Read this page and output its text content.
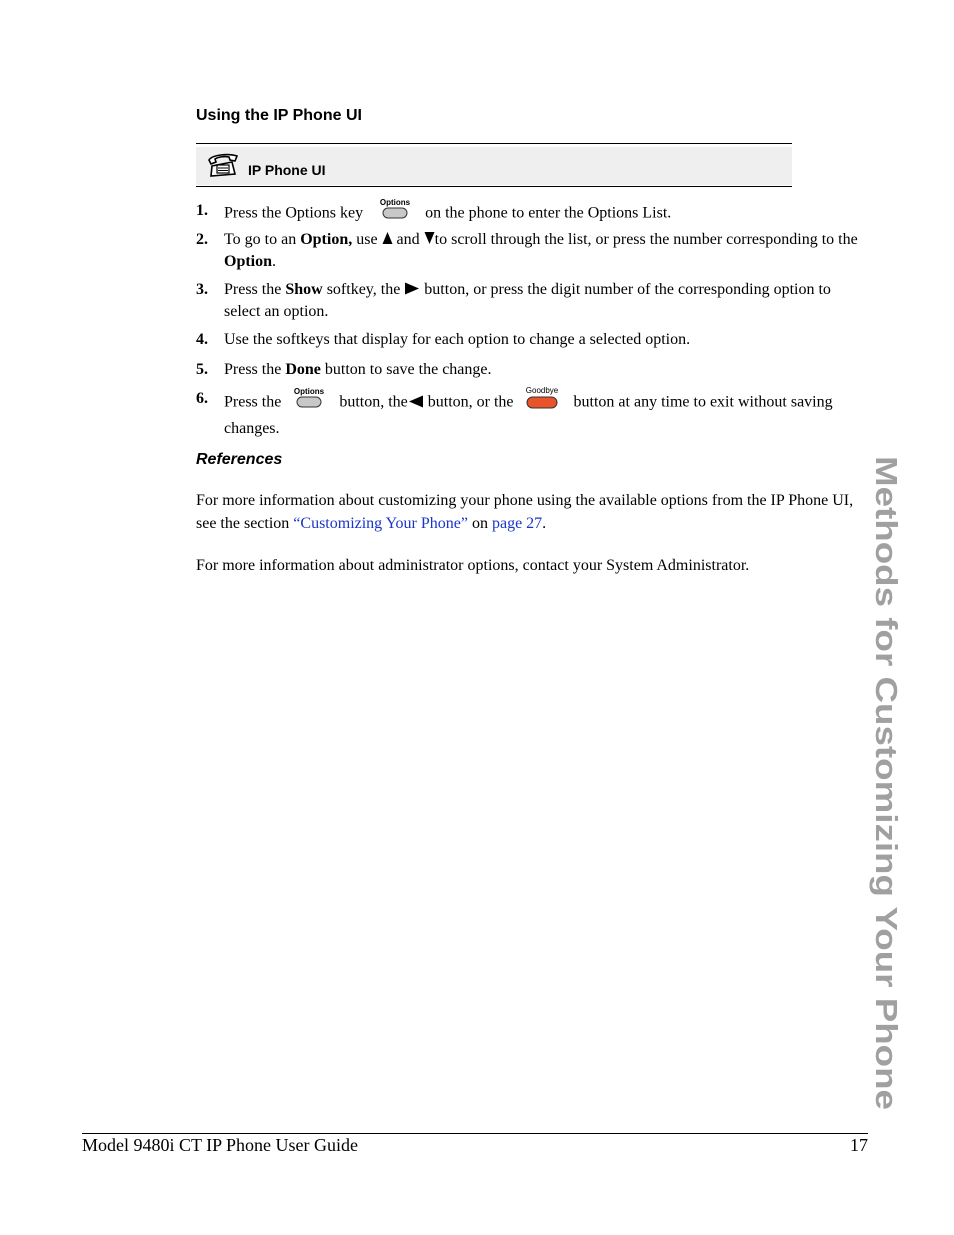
Using the IP Phone UI
IP Phone UI
1. Press the Options key
Options
on the phone to enter the Options List.
2. To go to an Option, use  and to scroll through the list, or press the number corresponding to the Option.
3. Press the Show softkey, the  button, or press the digit number of the corresponding option to select an option.
4. Use the softkeys that display for each option to change a selected option.
5. Press the Done button to save the change.
6. Press the
Options
button, the button, or the
Goodbye
button at any time to exit without saving changes.
References
For more information about customizing your phone using the available options from the IP Phone UI, see the section “Customizing Your Phone” on page 27.
For more information about administrator options, contact your System Administrator.	Methods for Customizing Your Phone
Model 9480i CT IP Phone User Guide	17
